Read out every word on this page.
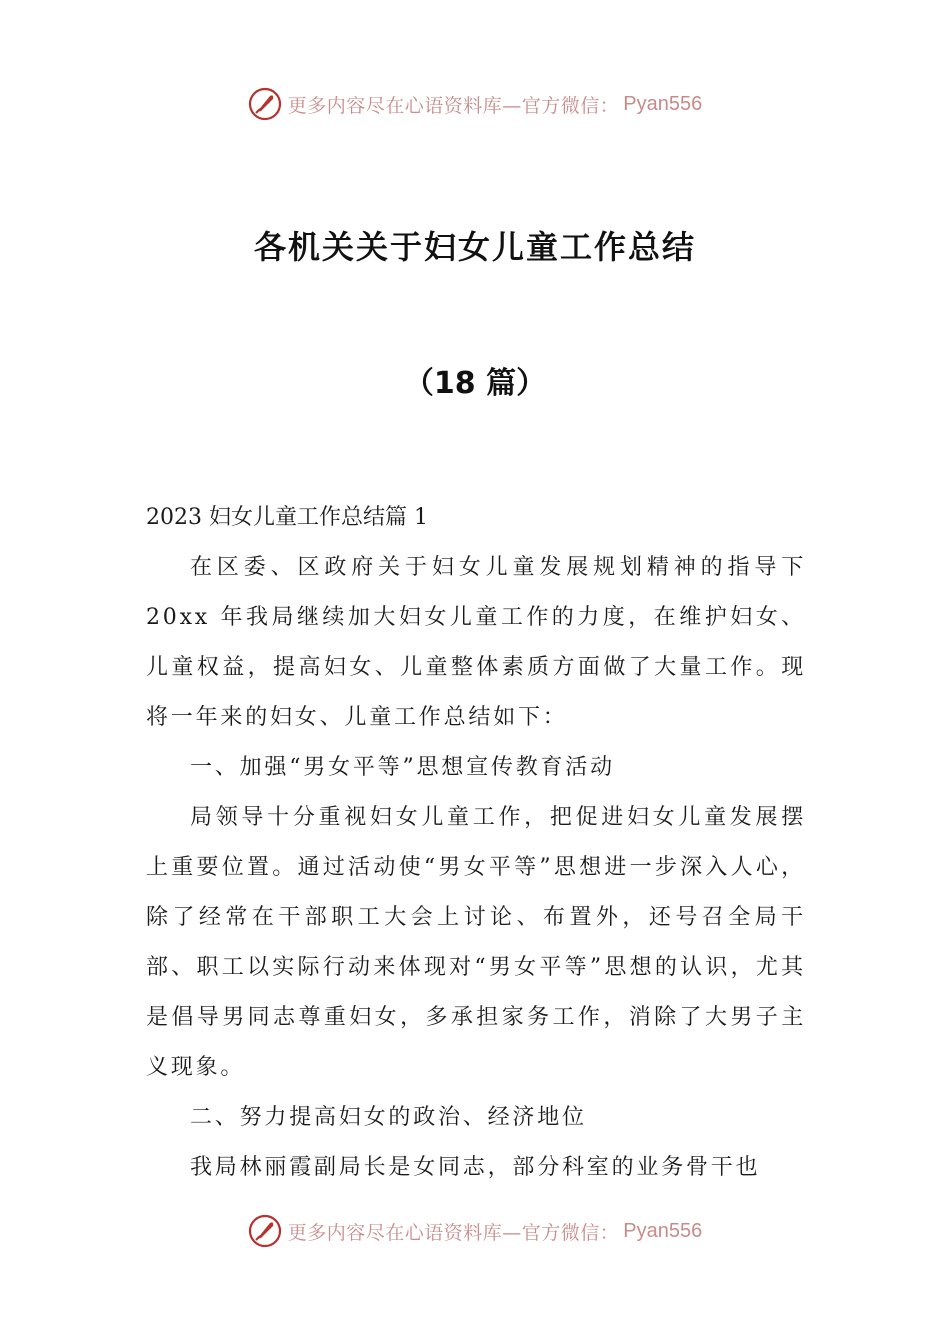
更多内容尽在心语资料库—官方微信： Pyan556
各机关关于妇女儿童工作总结
（18 篇）

2023 妇女儿童工作总结篇 1

在区委、区政府关于妇女儿童发展规划精神的指导下 20xx 年我局继续加大妇女儿童工作的力度，在维护妇女、儿童权益，提高妇女、儿童整体素质方面做了大量工作。现将一年来的妇女、儿童工作总结如下：

一、加强“男女平等”思想宣传教育活动

局领导十分重视妇女儿童工作，把促进妇女儿童发展摆上重要位置。通过活动使“男女平等”思想进一步深入人心，除了经常在干部职工大会上讨论、布置外，还号召全局干部、职工以实际行动来体现对“男女平等”思想的认识，尤其是倡导男同志尊重妇女，多承担家务工作，消除了大男子主义现象。

二、努力提高妇女的政治、经济地位

我局林丽霞副局长是女同志，部分科室的业务骨干也

更多内容尽在心语资料库—官方微信： Pyan556
